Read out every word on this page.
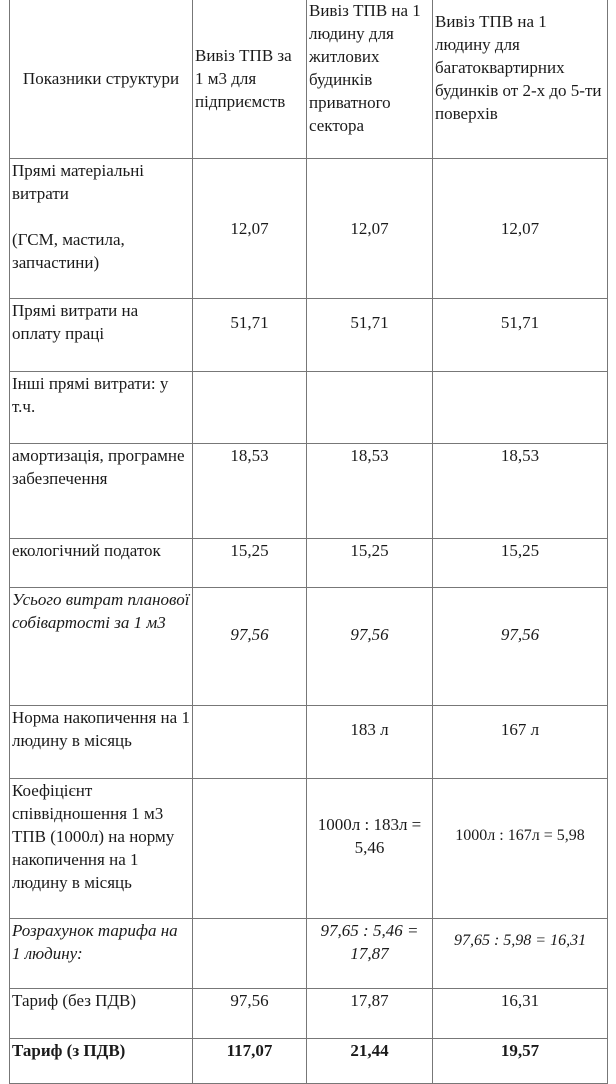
Показники структури	Вивіз ТПВ за 1 м3 для підприємств	Вивіз ТПВ на 1 людину для житлових будинків приватного сектора	Вивіз ТПВ на 1 людину для багатоквартирних будинків от 2-х до 5-ти поверхів

Прямі матеріальні витрати
(ГСМ, мастила, запчастини)	12,07	12,07	12,07
Прямі витрати на оплату праці	51,71	51,71	51,71
Інші прямі витрати: у т.ч.			
амортизація, програмне забезпечення	18,53	18,53	18,53
екологічний податок	15,25	15,25	15,25
Усього витрат планової собівартості за 1 м3	97,56	97,56	97,56
Норма накопичення на 1 людину в місяць		183 л	167 л
Коефіцієнт співвідношення 1 м3 ТПВ (1000л) на норму накопичення на 1 людину в місяць		1000л : 183л = 5,46	1000л : 167л = 5,98
Розрахунок тарифа на 1 людину:		97,65 : 5,46 = 17,87	97,65 : 5,98 = 16,31
Тариф (без ПДВ)	97,56	17,87	16,31
Тариф (з ПДВ)	117,07	21,44	19,57
